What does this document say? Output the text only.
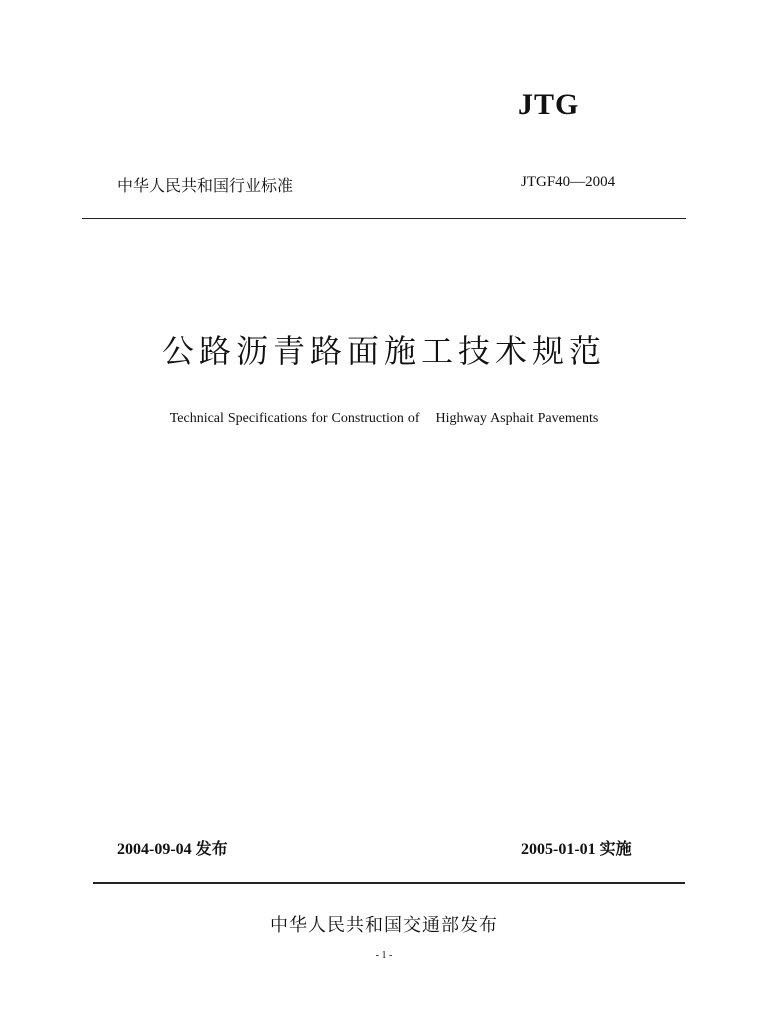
JTG
中华人民共和国行业标准	JTGF40—2004
公路沥青路面施工技术规范
Technical Specifications for Construction of    Highway Asphait Pavements
2004-09-04 发布	2005-01-01 实施
中华人民共和国交通部发布
- 1 -
